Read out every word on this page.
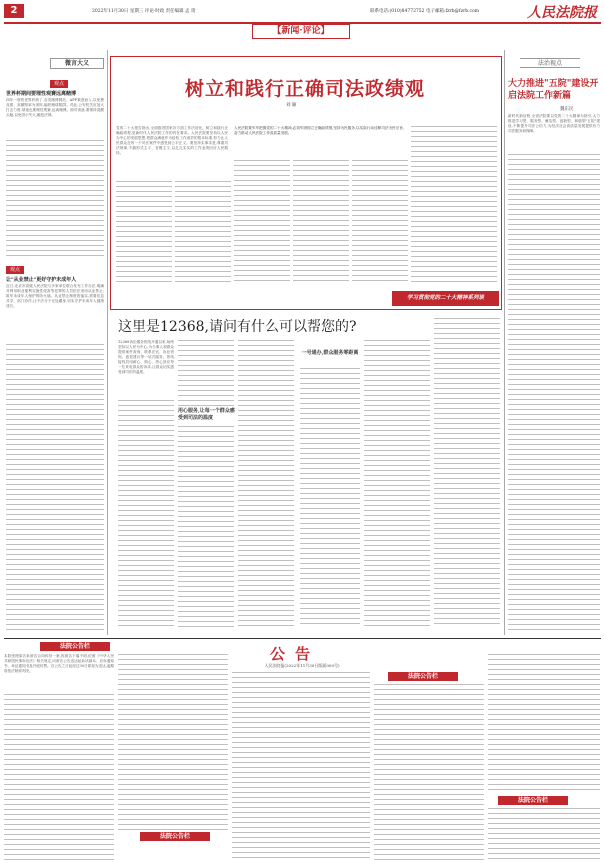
2	2022年11月30日 星期三 评论·时政 责任编辑 孟 琦	联系电话:(010)84772752 电子邮箱:fzrb@fzrb.com	人民法院报
【新闻·评论】
微言大义
观点
世界杯期间要理性观赛远离赌博
四年一度的世界杯到了,各类赌博网站、APP乘虚而入,以免费竞猜、高额赔率为诱饵,编织赌球陷阱。对此,公安机关应加大打击力度,球迷也要理性观赛,远离赌博。面对诱惑,要保持清醒头脑,以免因小失大,触犯法律。
观点
让"从业禁止"更好守护未成年人
近日,北京市高级人民法院与多家单位联合发布工作办法,明确对利用职业便利实施性侵害等犯罪的人员依法适用从业禁止,筑牢未成年人保护的防火墙。从业禁止制度的落实,需要信息共享、部门协作,让不法分子无处藏身,切实守护未成年人健康成长。
树立和践行正确司法政绩观
刘 颖
人民法院要牢牢把握党的二十大精神,必须牢固树立正确政绩观,坚持为民服务,以实际行动诠释司法为民宗旨,奋力推动人民法院工作高质量发展。
党的二十大报告指出,全面推进国家各方面工作法治化。树立和践行正确政绩观,是新时代人民法院工作的内在要求。人民法院要坚持以人民为中心的发展思想,把群众满意作为检验工作成效的根本标准,努力让人民群众在每一个司法案件中感受到公平正义。要坚持实事求是,尊重司法规律,不搞形式主义、官僚主义,以扎扎实实的工作业绩回应人民期待。
学习贯彻党的二十大精神系列谈
法治视点
大力推进"五院"建设开启法院工作新篇
魏东民
新时代新征程,全省法院要以党的二十大精神为指引,大力推进学习型、服务型、廉洁型、创新型、和谐型"五院"建设,不断提升司法公信力,为经济社会高质量发展提供有力司法服务和保障。
这里是12368,请问有什么可以帮您的?
用心服务,让每一个群众感受到司法的温度
一号通办,群众服务零距离
12368诉讼服务热线开通以来,始终坚持以人民为中心,为当事人和群众提供案件查询、联系法官、诉讼咨询、意见建议等一站式服务。热线接线员用耐心、细心、热心回应每一位来电群众的诉求,让群众切实感受到司法的温度。
法院公告栏	公告
人民法院报(2022年11月30日版面000号)
法院公告栏
法院公告栏
法院公告栏
本院受理原告诉被告合同纠纷一案,因被告下落不明,依照《中华人民共和国民事诉讼法》相关规定,向被告公告送达起诉状副本、应诉通知书、举证通知书及开庭传票。自公告之日起经过30日即视为送达,逾期将依法缺席判决。
